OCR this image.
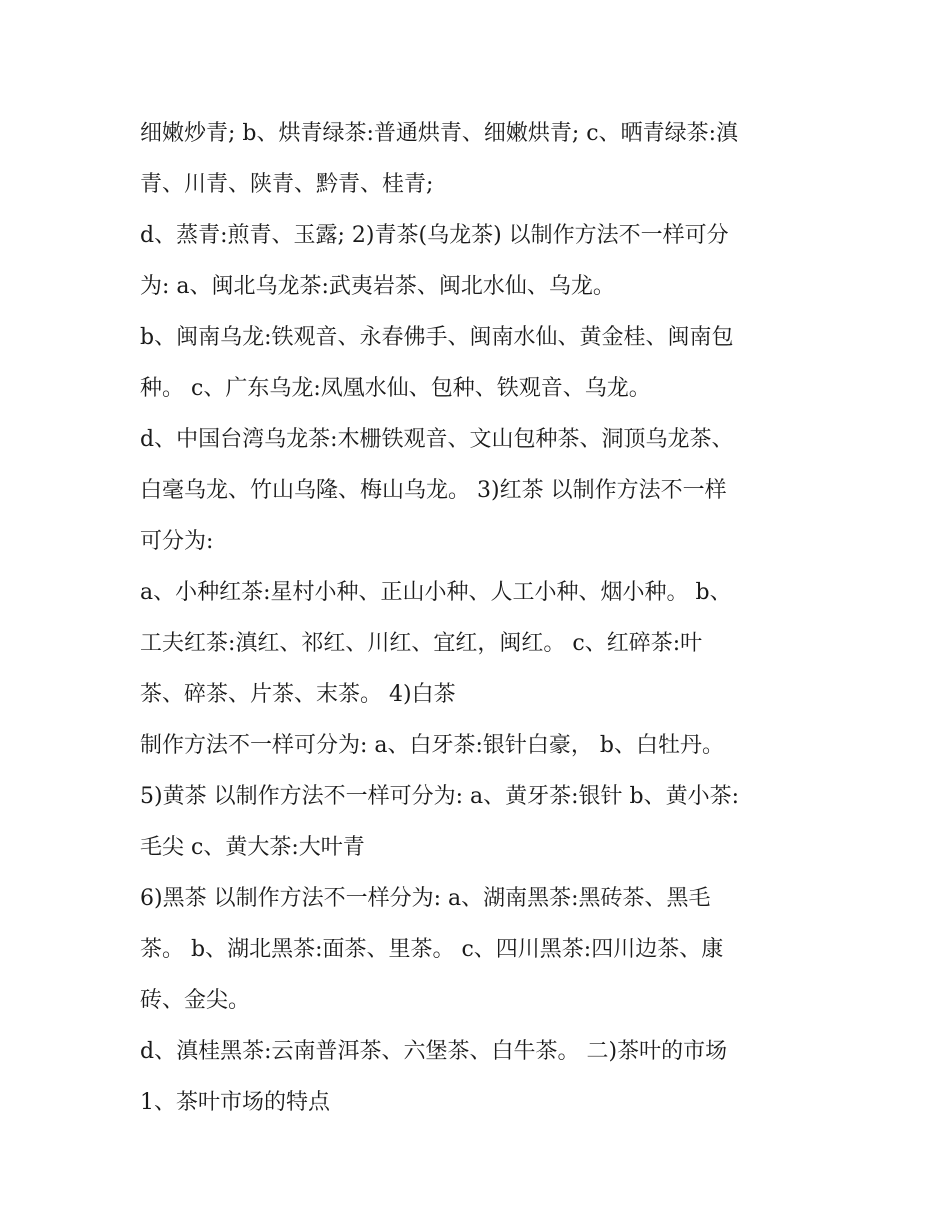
细嫩炒青; b、烘青绿茶:普通烘青、细嫩烘青; c、晒青绿茶:滇
青、川青、陕青、黔青、桂青;
d、蒸青:煎青、玉露; 2)青茶(乌龙茶) 以制作方法不一样可分
为: a、闽北乌龙茶:武夷岩茶、闽北水仙、乌龙。
b、闽南乌龙:铁观音、永春佛手、闽南水仙、黄金桂、闽南包
种。 c、广东乌龙:凤凰水仙、包种、铁观音、乌龙。
d、中国台湾乌龙茶:木栅铁观音、文山包种茶、洞顶乌龙茶、
白毫乌龙、竹山乌隆、梅山乌龙。 3)红茶 以制作方法不一样
可分为:
a、小种红茶:星村小种、正山小种、人工小种、烟小种。 b、
工夫红茶:滇红、祁红、川红、宜红，闽红。 c、红碎茶:叶
茶、碎茶、片茶、末茶。 4)白茶
制作方法不一样可分为: a、白牙茶:银针白豪， b、白牡丹。
5)黄茶 以制作方法不一样可分为: a、黄牙茶:银针 b、黄小茶:
毛尖 c、黄大茶:大叶青
6)黑茶 以制作方法不一样分为: a、湖南黑茶:黑砖茶、黑毛
茶。 b、湖北黑茶:面茶、里茶。 c、四川黑茶:四川边茶、康
砖、金尖。
d、滇桂黑茶:云南普洱茶、六堡茶、白牛茶。 二)茶叶的市场
1、茶叶市场的特点
